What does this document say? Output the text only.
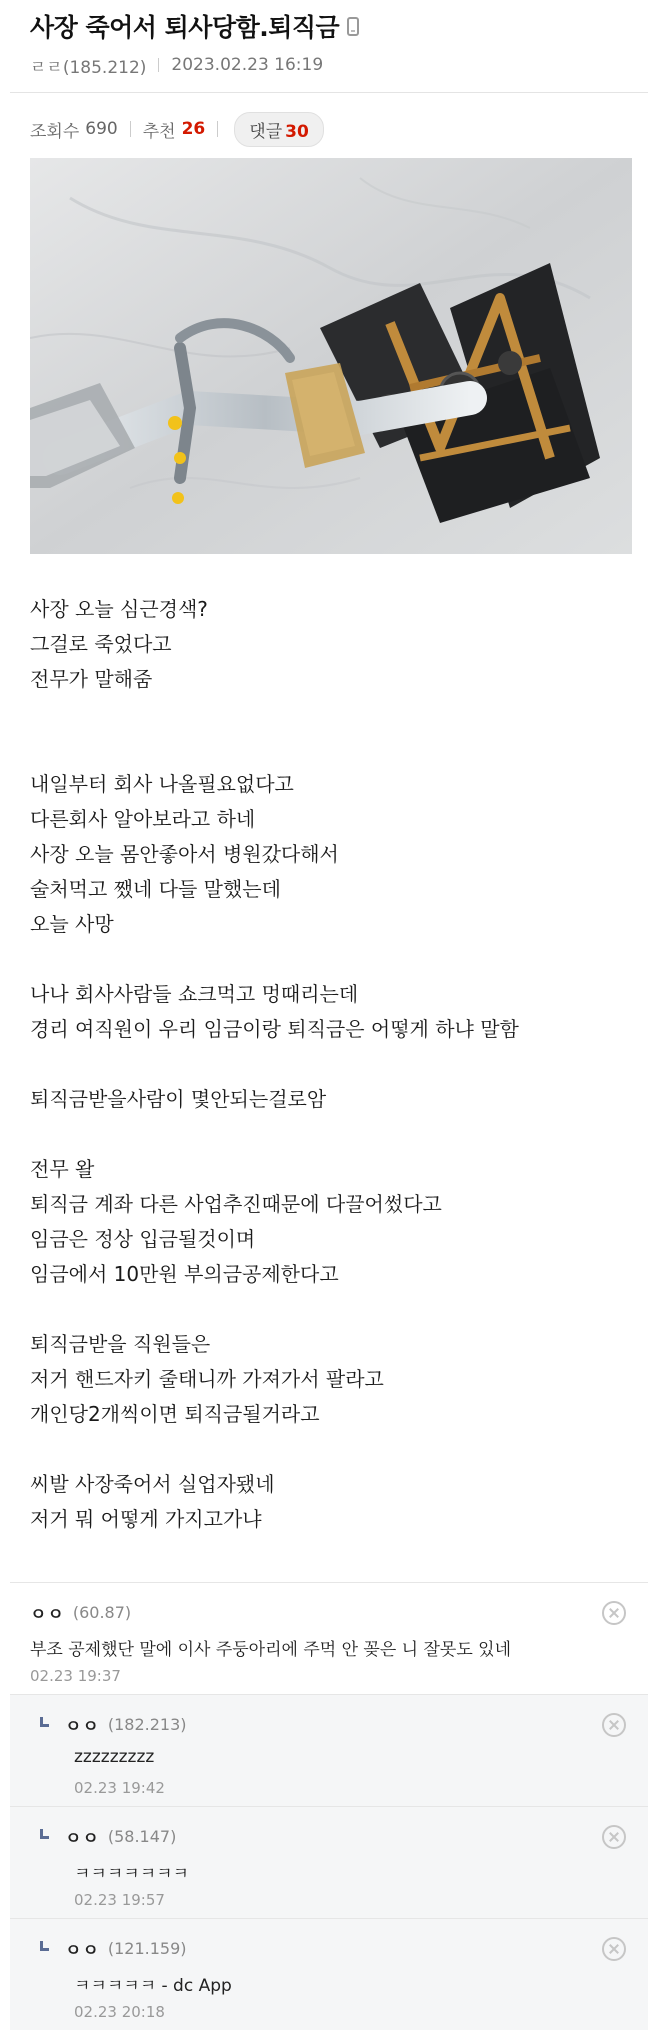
사장 죽어서 퇴사당함.퇴직금
ㄹㄹ(185.212) 2023.02.23 16:19
조회수 690 추천 26	댓글 30

사장 오늘 심근경색?

그걸로 죽었다고

전무가 말해줌

내일부터 회사 나올필요없다고

다른회사 알아보라고 하네

사장 오늘 몸안좋아서 병원갔다해서

술처먹고 쨌네 다들 말했는데

오늘 사망

나나 회사사람들 쇼크먹고 멍때리는데

경리 여직원이 우리 임금이랑 퇴직금은 어떻게 하냐 말함

퇴직금받을사람이 몇안되는걸로암

전무 왈

퇴직금 계좌 다른 사업추진때문에 다끌어썼다고

임금은 정상 입금될것이며

임금에서 10만원 부의금공제한다고

퇴직금받을 직원들은

저거 핸드자키 줄태니까 가져가서 팔라고

개인당2개씩이면 퇴직금될거라고

씨발 사장죽어서 실업자됐네

저거 뭐 어떻게 가지고가냐

ㅇㅇ (60.87)
부조 공제했단 말에 이사 주둥아리에 주먹 안 꽂은 니 잘못도 있네
02.23 19:37
ㅇㅇ (182.213)
zzzzzzzzz
02.23 19:42
ㅇㅇ (58.147)
ㅋㅋㅋㅋㅋㅋㅋ
02.23 19:57
ㅇㅇ (121.159)
ㅋㅋㅋㅋㅋ - dc App
02.23 20:18
